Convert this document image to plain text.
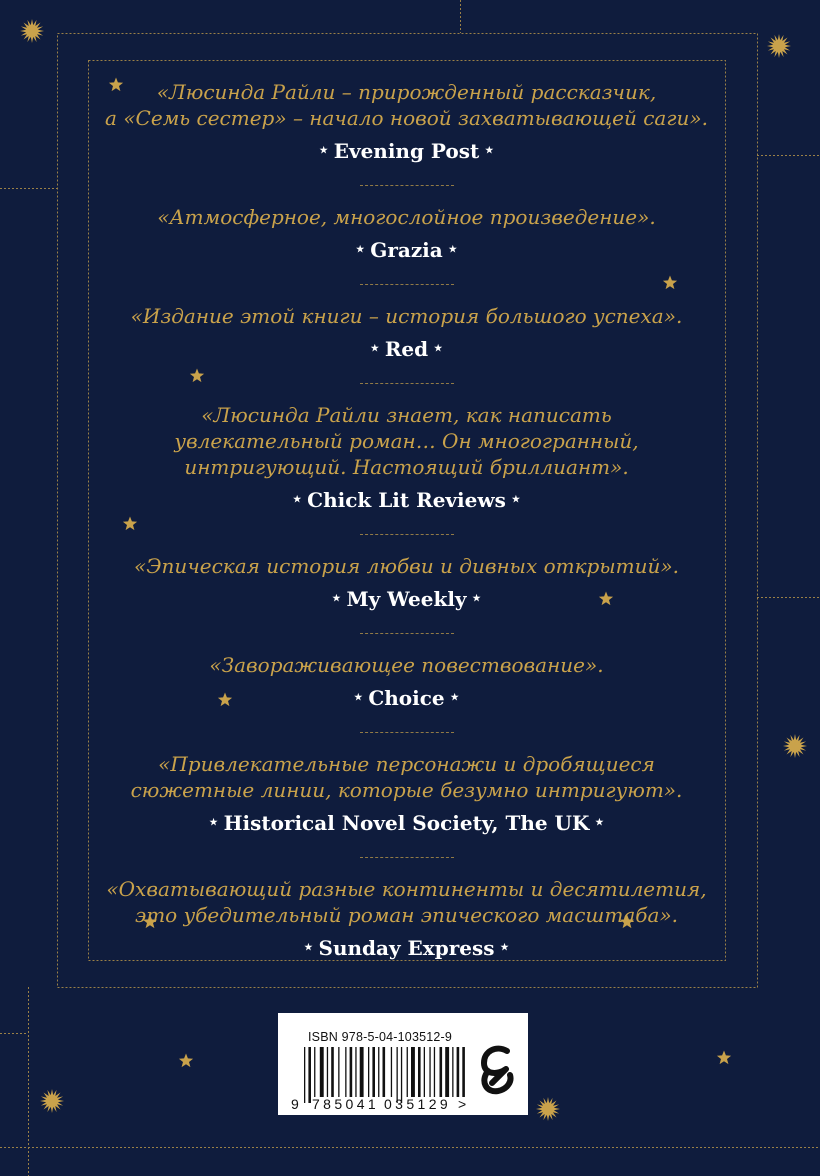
«Люсинда Райли – прирожденный рассказчик,
а «Семь сестер» – начало новой захватывающей саги».

★ Evening Post ★

«Атмосферное, многослойное произведение».

★ Grazia ★

«Издание этой книги – история большого успеха».

★ Red ★

«Люсинда Райли знает, как написать
увлекательный роман… Он многогранный,
интригующий. Настоящий бриллиант».

★ Chick Lit Reviews ★

«Эпическая история любви и дивных открытий».

★ My Weekly ★

«Завораживающее повествование».

★ Choice ★

«Привлекательные персонажи и дробящиеся
сюжетные линии, которые безумно интригуют».

★ Historical Novel Society, The UK ★

«Охватывающий разные континенты и десятилетия,
это убедительный роман эпического масштаба».

★ Sunday Express ★
ISBN 978-5-04-103512-9
9 785041 035129 >
